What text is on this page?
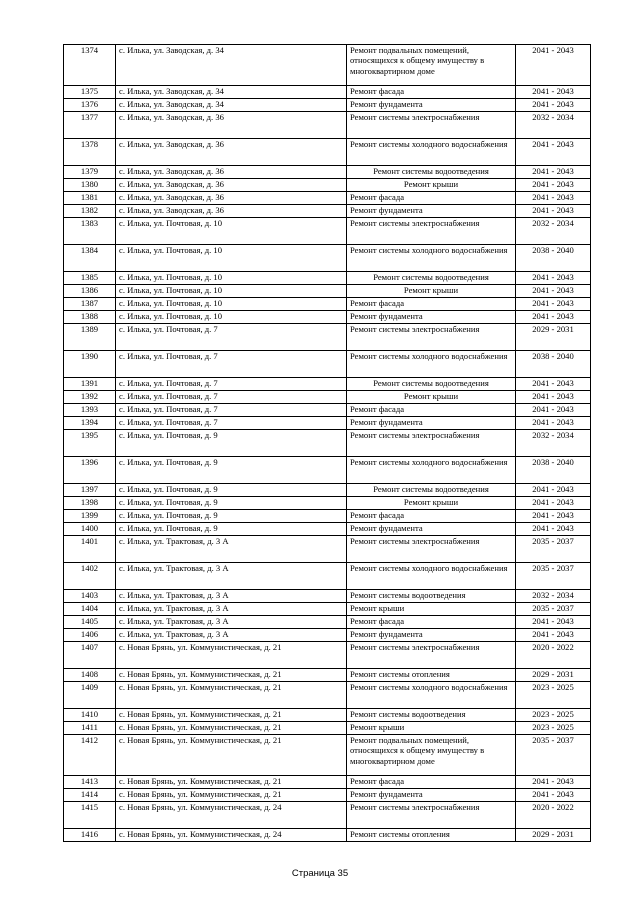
1374	с. Илька, ул. Заводская, д. 34	Ремонт подвальных помещений, относящихся к общему имуществу в многоквартирном доме	2041 - 2043
1375	с. Илька, ул. Заводская, д. 34	Ремонт фасада	2041 - 2043
1376	с. Илька, ул. Заводская, д. 34	Ремонт фундамента	2041 - 2043
1377	с. Илька, ул. Заводская, д. 36	Ремонт системы электроснабжения	2032 - 2034
1378	с. Илька, ул. Заводская, д. 36	Ремонт системы холодного водоснабжения	2041 - 2043
1379	с. Илька, ул. Заводская, д. 36	Ремонт системы водоотведения	2041 - 2043
1380	с. Илька, ул. Заводская, д. 36	Ремонт крыши	2041 - 2043
1381	с. Илька, ул. Заводская, д. 36	Ремонт фасада	2041 - 2043
1382	с. Илька, ул. Заводская, д. 36	Ремонт фундамента	2041 - 2043
1383	с. Илька, ул. Почтовая, д. 10	Ремонт системы электроснабжения	2032 - 2034
1384	с. Илька, ул. Почтовая, д. 10	Ремонт системы холодного водоснабжения	2038 - 2040
1385	с. Илька, ул. Почтовая, д. 10	Ремонт системы водоотведения	2041 - 2043
1386	с. Илька, ул. Почтовая, д. 10	Ремонт крыши	2041 - 2043
1387	с. Илька, ул. Почтовая, д. 10	Ремонт фасада	2041 - 2043
1388	с. Илька, ул. Почтовая, д. 10	Ремонт фундамента	2041 - 2043
1389	с. Илька, ул. Почтовая, д. 7	Ремонт системы электроснабжения	2029 - 2031
1390	с. Илька, ул. Почтовая, д. 7	Ремонт системы холодного водоснабжения	2038 - 2040
1391	с. Илька, ул. Почтовая, д. 7	Ремонт системы водоотведения	2041 - 2043
1392	с. Илька, ул. Почтовая, д. 7	Ремонт крыши	2041 - 2043
1393	с. Илька, ул. Почтовая, д. 7	Ремонт фасада	2041 - 2043
1394	с. Илька, ул. Почтовая, д. 7	Ремонт фундамента	2041 - 2043
1395	с. Илька, ул. Почтовая, д. 9	Ремонт системы электроснабжения	2032 - 2034
1396	с. Илька, ул. Почтовая, д. 9	Ремонт системы холодного водоснабжения	2038 - 2040
1397	с. Илька, ул. Почтовая, д. 9	Ремонт системы водоотведения	2041 - 2043
1398	с. Илька, ул. Почтовая, д. 9	Ремонт крыши	2041 - 2043
1399	с. Илька, ул. Почтовая, д. 9	Ремонт фасада	2041 - 2043
1400	с. Илька, ул. Почтовая, д. 9	Ремонт фундамента	2041 - 2043
1401	с. Илька, ул. Трактовая, д. 3 А	Ремонт системы электроснабжения	2035 - 2037
1402	с. Илька, ул. Трактовая, д. 3 А	Ремонт системы холодного водоснабжения	2035 - 2037
1403	с. Илька, ул. Трактовая, д. 3 А	Ремонт системы водоотведения	2032 - 2034
1404	с. Илька, ул. Трактовая, д. 3 А	Ремонт крыши	2035 - 2037
1405	с. Илька, ул. Трактовая, д. 3 А	Ремонт фасада	2041 - 2043
1406	с. Илька, ул. Трактовая, д. 3 А	Ремонт фундамента	2041 - 2043
1407	с. Новая Брянь, ул. Коммунистическая, д. 21	Ремонт системы электроснабжения	2020 - 2022
1408	с. Новая Брянь, ул. Коммунистическая, д. 21	Ремонт системы отопления	2029 - 2031
1409	с. Новая Брянь, ул. Коммунистическая, д. 21	Ремонт системы холодного водоснабжения	2023 - 2025
1410	с. Новая Брянь, ул. Коммунистическая, д. 21	Ремонт системы водоотведения	2023 - 2025
1411	с. Новая Брянь, ул. Коммунистическая, д. 21	Ремонт крыши	2023 - 2025
1412	с. Новая Брянь, ул. Коммунистическая, д. 21	Ремонт подвальных помещений, относящихся к общему имуществу в многоквартирном доме	2035 - 2037
1413	с. Новая Брянь, ул. Коммунистическая, д. 21	Ремонт фасада	2041 - 2043
1414	с. Новая Брянь, ул. Коммунистическая, д. 21	Ремонт фундамента	2041 - 2043
1415	с. Новая Брянь, ул. Коммунистическая, д. 24	Ремонт системы электроснабжения	2020 - 2022
1416	с. Новая Брянь, ул. Коммунистическая, д. 24	Ремонт системы отопления	2029 - 2031
Страница 35
